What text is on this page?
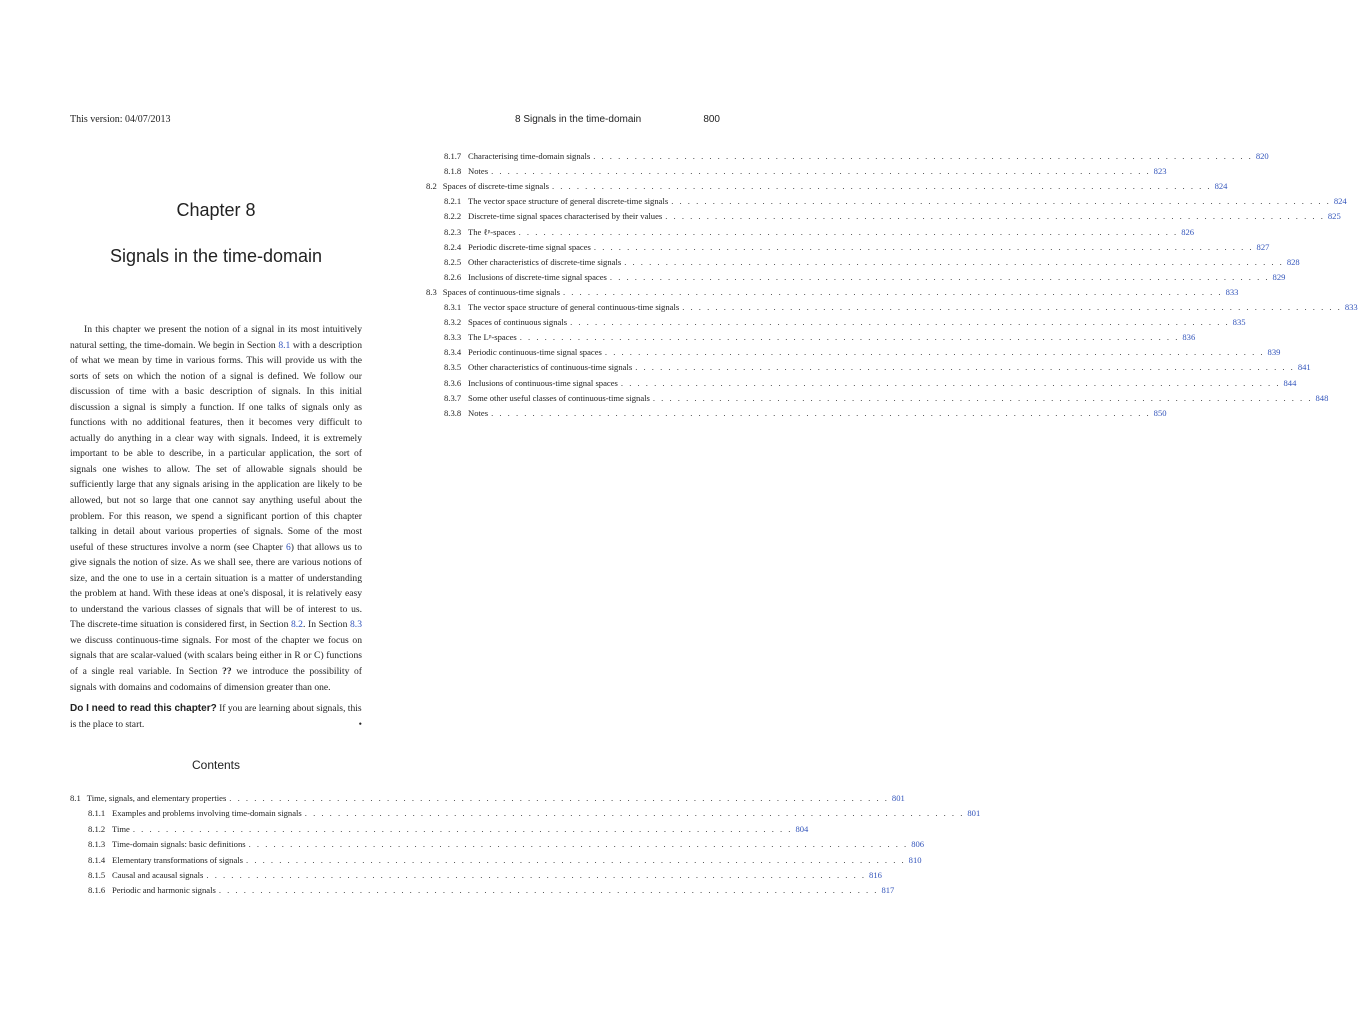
This version: 04/07/2013	8 Signals in the time-domain	800
Chapter 8
Signals in the time-domain
In this chapter we present the notion of a signal in its most intuitively natural setting, the time-domain. We begin in Section 8.1 with a description of what we mean by time in various forms. This will provide us with the sorts of sets on which the notion of a signal is defined. We follow our discussion of time with a basic description of signals. In this initial discussion a signal is simply a function. If one talks of signals only as functions with no additional features, then it becomes very difficult to actually do anything in a clear way with signals. Indeed, it is extremely important to be able to describe, in a particular application, the sort of signals one wishes to allow. The set of allowable signals should be sufficiently large that any signals arising in the application are likely to be allowed, but not so large that one cannot say anything useful about the problem. For this reason, we spend a significant portion of this chapter talking in detail about various properties of signals. Some of the most useful of these structures involve a norm (see Chapter 6) that allows us to give signals the notion of size. As we shall see, there are various notions of size, and the one to use in a certain situation is a matter of understanding the problem at hand. With these ideas at one's disposal, it is relatively easy to understand the various classes of signals that will be of interest to us. The discrete-time situation is considered first, in Section 8.2. In Section 8.3 we discuss continuous-time signals. For most of the chapter we focus on signals that are scalar-valued (with scalars being either in R or C) functions of a single real variable. In Section ?? we introduce the possibility of signals with domains and codomains of dimension greater than one.
Do I need to read this chapter? If you are learning about signals, this is the place to start.	•
Contents
8.1 Time, signals, and elementary properties . . . . . . . . . . . . . . . . . . . . . . . . . . . . . . . . . . . . . . . . . . . . . . . . . . . . . . . . . . . . . . . . . . . . . . . . . . . . . . . . 801
8.1.1 Examples and problems involving time-domain signals . . . . . . . . . . . . . . . . . . . . . . . . . . . . . . . . . . . . . . . . . . . . . . . . . . . . . . . . . . . . . . . . . . . . . . . . . . . . . . . . 801
8.1.2 Time . . . . . . . . . . . . . . . . . . . . . . . . . . . . . . . . . . . . . . . . . . . . . . . . . . . . . . . . . . . . . . . . . . . . . . . . . . . . . . . . 804
8.1.3 Time-domain signals: basic definitions . . . . . . . . . . . . . . . . . . . . . . . . . . . . . . . . . . . . . . . . . . . . . . . . . . . . . . . . . . . . . . . . . . . . . . . . . . . . . . . . 806
8.1.4 Elementary transformations of signals . . . . . . . . . . . . . . . . . . . . . . . . . . . . . . . . . . . . . . . . . . . . . . . . . . . . . . . . . . . . . . . . . . . . . . . . . . . . . . . . 810
8.1.5 Causal and acausal signals . . . . . . . . . . . . . . . . . . . . . . . . . . . . . . . . . . . . . . . . . . . . . . . . . . . . . . . . . . . . . . . . . . . . . . . . . . . . . . . . 816
8.1.6 Periodic and harmonic signals . . . . . . . . . . . . . . . . . . . . . . . . . . . . . . . . . . . . . . . . . . . . . . . . . . . . . . . . . . . . . . . . . . . . . . . . . . . . . . . . 817
8.1.7 Characterising time-domain signals . . . . . . . . . . . . . . . . . . . . . . . . . . . . . . . . . . . . . . . . . . . . . . . . . . . . . . . . . . . . . . . . . . . . . . . . . . . . . . . . 820
8.1.8 Notes . . . . . . . . . . . . . . . . . . . . . . . . . . . . . . . . . . . . . . . . . . . . . . . . . . . . . . . . . . . . . . . . . . . . . . . . . . . . . . . . 823
8.2 Spaces of discrete-time signals . . . . . . . . . . . . . . . . . . . . . . . . . . . . . . . . . . . . . . . . . . . . . . . . . . . . . . . . . . . . . . . . . . . . . . . . . . . . . . . . 824
8.2.1 The vector space structure of general discrete-time signals . . . . . . . . . . . . . . . . . . . . . . . . . . . . . . . . . . . . . . . . . . . . . . . . . . . . . . . . . . . . . . . . . . . . . . . . . . . . . . . . 824
8.2.2 Discrete-time signal spaces characterised by their values . . . . . . . . . . . . . . . . . . . . . . . . . . . . . . . . . . . . . . . . . . . . . . . . . . . . . . . . . . . . . . . . . . . . . . . . . . . . . . . . 825
8.2.3 The ℓᵖ-spaces . . . . . . . . . . . . . . . . . . . . . . . . . . . . . . . . . . . . . . . . . . . . . . . . . . . . . . . . . . . . . . . . . . . . . . . . . . . . . . . . 826
8.2.4 Periodic discrete-time signal spaces . . . . . . . . . . . . . . . . . . . . . . . . . . . . . . . . . . . . . . . . . . . . . . . . . . . . . . . . . . . . . . . . . . . . . . . . . . . . . . . . 827
8.2.5 Other characteristics of discrete-time signals . . . . . . . . . . . . . . . . . . . . . . . . . . . . . . . . . . . . . . . . . . . . . . . . . . . . . . . . . . . . . . . . . . . . . . . . . . . . . . . . 828
8.2.6 Inclusions of discrete-time signal spaces . . . . . . . . . . . . . . . . . . . . . . . . . . . . . . . . . . . . . . . . . . . . . . . . . . . . . . . . . . . . . . . . . . . . . . . . . . . . . . . . 829
8.3 Spaces of continuous-time signals . . . . . . . . . . . . . . . . . . . . . . . . . . . . . . . . . . . . . . . . . . . . . . . . . . . . . . . . . . . . . . . . . . . . . . . . . . . . . . . . 833
8.3.1 The vector space structure of general continuous-time signals . . . . . . . . . . . . . . . . . . . . . . . . . . . . . . . . . . . . . . . . . . . . . . . . . . . . . . . . . . . . . . . . . . . . . . . . . . . . . . . . 833
8.3.2 Spaces of continuous signals . . . . . . . . . . . . . . . . . . . . . . . . . . . . . . . . . . . . . . . . . . . . . . . . . . . . . . . . . . . . . . . . . . . . . . . . . . . . . . . . 835
8.3.3 The Lᵖ-spaces . . . . . . . . . . . . . . . . . . . . . . . . . . . . . . . . . . . . . . . . . . . . . . . . . . . . . . . . . . . . . . . . . . . . . . . . . . . . . . . . 836
8.3.4 Periodic continuous-time signal spaces . . . . . . . . . . . . . . . . . . . . . . . . . . . . . . . . . . . . . . . . . . . . . . . . . . . . . . . . . . . . . . . . . . . . . . . . . . . . . . . . 839
8.3.5 Other characteristics of continuous-time signals . . . . . . . . . . . . . . . . . . . . . . . . . . . . . . . . . . . . . . . . . . . . . . . . . . . . . . . . . . . . . . . . . . . . . . . . . . . . . . . . 841
8.3.6 Inclusions of continuous-time signal spaces . . . . . . . . . . . . . . . . . . . . . . . . . . . . . . . . . . . . . . . . . . . . . . . . . . . . . . . . . . . . . . . . . . . . . . . . . . . . . . . . 844
8.3.7 Some other useful classes of continuous-time signals . . . . . . . . . . . . . . . . . . . . . . . . . . . . . . . . . . . . . . . . . . . . . . . . . . . . . . . . . . . . . . . . . . . . . . . . . . . . . . . . 848
8.3.8 Notes . . . . . . . . . . . . . . . . . . . . . . . . . . . . . . . . . . . . . . . . . . . . . . . . . . . . . . . . . . . . . . . . . . . . . . . . . . . . . . . . 850
